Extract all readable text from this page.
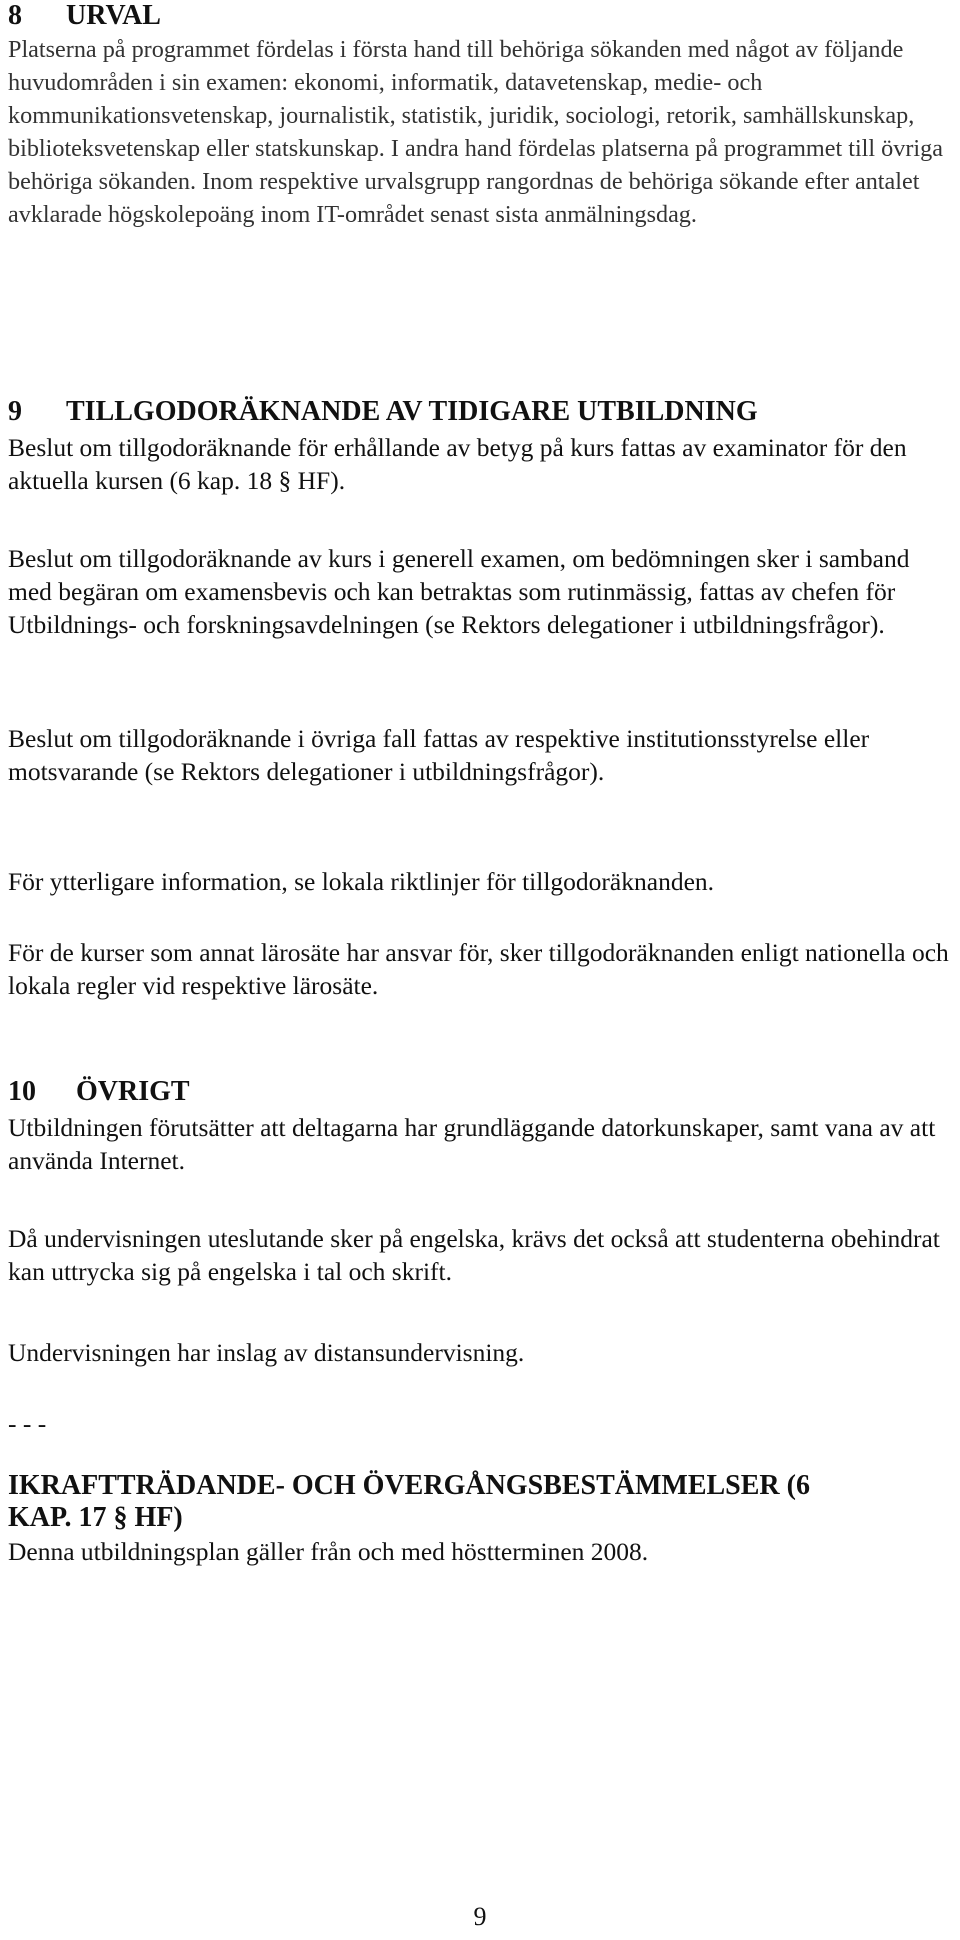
8 URVAL

Platserna på programmet fördelas i första hand till behöriga sökanden med något av följande huvudområden i sin examen: ekonomi, informatik, datavetenskap, medie- och kommunikationsvetenskap, journalistik, statistik, juridik, sociologi, retorik, samhällskunskap, biblioteksvetenskap eller statskunskap. I andra hand fördelas platserna på programmet till övriga behöriga sökanden. Inom respektive urvalsgrupp rangordnas de behöriga sökande efter antalet avklarade högskolepoäng inom IT-området senast sista anmälningsdag.

9 TILLGODORÄKNANDE AV TIDIGARE UTBILDNING

Beslut om tillgodoräknande för erhållande av betyg på kurs fattas av examinator för den aktuella kursen (6 kap. 18 § HF).

Beslut om tillgodoräknande av kurs i generell examen, om bedömningen sker i samband med begäran om examensbevis och kan betraktas som rutinmässig, fattas av chefen för Utbildnings- och forskningsavdelningen (se Rektors delegationer i utbildningsfrågor).

Beslut om tillgodoräknande i övriga fall fattas av respektive institutionsstyrelse eller motsvarande (se Rektors delegationer i utbildningsfrågor).

För ytterligare information, se lokala riktlinjer för tillgodoräknanden.

För de kurser som annat lärosäte har ansvar för, sker tillgodoräknanden enligt nationella och lokala regler vid respektive lärosäte.

10 ÖVRIGT

Utbildningen förutsätter att deltagarna har grundläggande datorkunskaper, samt vana av att använda Internet.

Då undervisningen uteslutande sker på engelska, krävs det också att studenterna obehindrat kan uttrycka sig på engelska i tal och skrift.

Undervisningen har inslag av distansundervisning.

- - -

IKRAFTTRÄDANDE- OCH ÖVERGÅNGSBESTÄMMELSER (6
KAP. 17 § HF)

Denna utbildningsplan gäller från och med höstterminen 2008.

9
